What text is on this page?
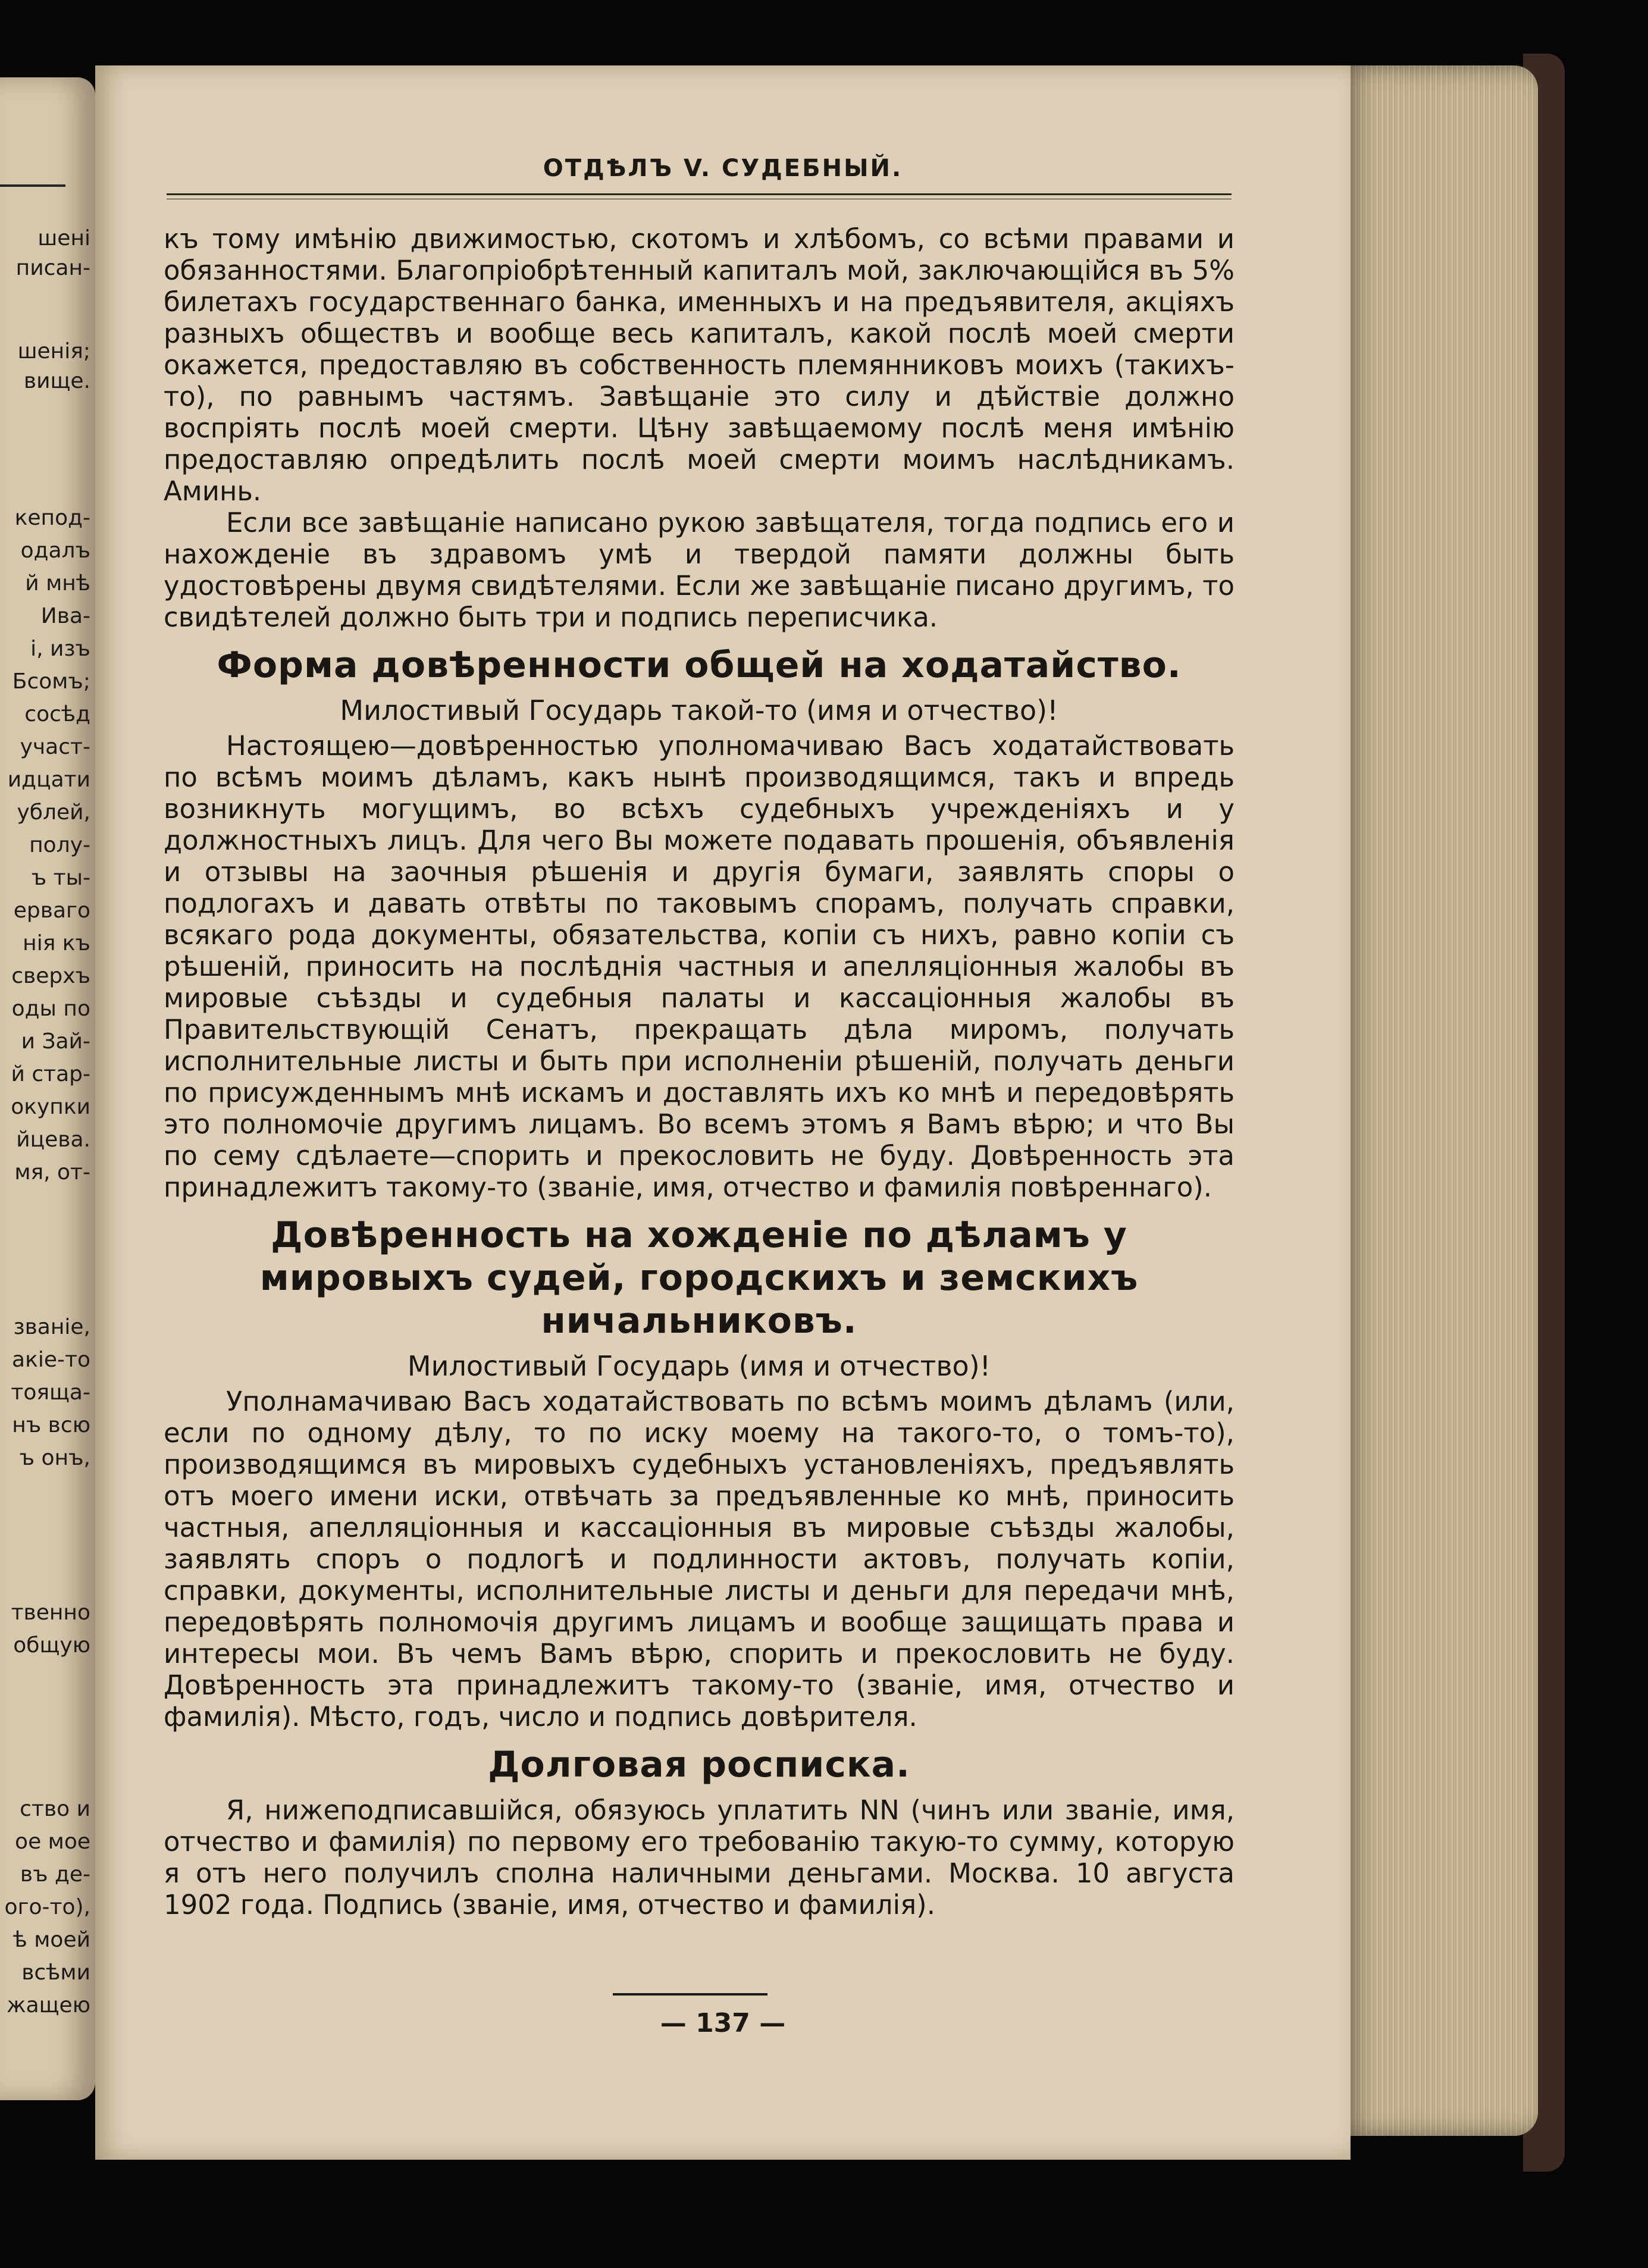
шені
писан-
шенія;
вище.
кепод-
одалъ
й мнѣ
Ива-
і, изъ
Бсомъ;
сосѣд
участ-
идцати
ублей,
полу-
ъ ты-
ерваго
нія къ
сверхъ
оды по
и Зай-
й стар-
окупки
йцева.
мя, от-
званіе,
акіе-то
тоящa-
нъ всю
ъ онъ,
твенно
общую
ство и
ое мое
въ де-
ого-то),
ѣ моей
всѣми
жащею
ОТДѢЛЪ V. СУДЕБНЫЙ.

къ тому имѣнію движимостью, скотомъ и хлѣбомъ, со всѣми правами и обязанностями. Благопріобрѣтенный капиталъ мой, заключающійся въ 5% билетахъ государственнаго банка, именныхъ и на предъявителя, акціяхъ разныхъ обществъ и вообще весь капиталъ, какой послѣ моей смерти окажется, предоставляю въ собственность племянниковъ моихъ (такихъ-то), по равнымъ частямъ. Завѣщаніе это силу и дѣйствіе должно воспріять послѣ моей смерти. Цѣну завѣщаемому послѣ меня имѣнію предоставляю опредѣлить послѣ моей смерти моимъ наслѣдникамъ. Аминь.

Если все завѣщаніе написано рукою завѣщателя, тогда подпись его и нахожденіе въ здравомъ умѣ и твердой памяти должны быть удостовѣрены двумя свидѣтелями. Если же завѣщаніе писано другимъ, то свидѣтелей должно быть три и подпись переписчика.

Форма довѣренности общей на ходатайство.
Милостивый Государь такой-то (имя и отчество)!

Настоящею—довѣренностью уполномачиваю Васъ ходатайствовать по всѣмъ моимъ дѣламъ, какъ нынѣ производящимся, такъ и впредь возникнуть могущимъ, во всѣхъ судебныхъ учрежденіяхъ и у должностныхъ лицъ. Для чего Вы можете подавать прошенія, объявленія и отзывы на заочныя рѣшенія и другія бумаги, заявлять споры о подлогахъ и давать отвѣты по таковымъ спорамъ, получать справки, всякаго рода документы, обязательства, копіи съ нихъ, равно копіи съ рѣшеній, приносить на послѣднія частныя и апелляціонныя жалобы въ мировые съѣзды и судебныя палаты и кассаціонныя жалобы въ Правительствующій Сенатъ, прекращать дѣла миромъ, получать исполнительные листы и быть при исполненіи рѣшеній, получать деньги по присужденнымъ мнѣ искамъ и доставлять ихъ ко мнѣ и передовѣрять это полномочіе другимъ лицамъ. Во всемъ этомъ я Вамъ вѣрю; и что Вы по сему сдѣлаете—спорить и прекословить не буду. Довѣренность эта принадлежитъ такому-то (званіе, имя, отчество и фамилія повѣреннаго).

Довѣренность на хожденіе по дѣламъ у мировыхъ судей, городскихъ и земскихъ ничальниковъ.
Милостивый Государь (имя и отчество)!

Уполнамачиваю Васъ ходатайствовать по всѣмъ моимъ дѣламъ (или, если по одному дѣлу, то по иску моему на такого-то, о томъ-то), производящимся въ мировыхъ судебныхъ установленіяхъ, предъявлять отъ моего имени иски, отвѣчать за предъявленные ко мнѣ, приносить частныя, апелляціонныя и кассаціонныя въ мировые съѣзды жалобы, заявлять споръ о подлогѣ и подлинности актовъ, получать копіи, справки, документы, исполнительные листы и деньги для передачи мнѣ, передовѣрять полномочія другимъ лицамъ и вообще защищать права и интересы мои. Въ чемъ Вамъ вѣрю, спорить и прекословить не буду. Довѣренность эта принадлежитъ такому-то (званіе, имя, отчество и фамилія). Мѣсто, годъ, число и подпись довѣрителя.

Долговая росписка.

Я, нижеподписавшійся, обязуюсь уплатить NN (чинъ или званіе, имя, отчество и фамилія) по первому его требованію такую-то сумму, которую я отъ него получилъ сполна наличными деньгами. Москва. 10 августа 1902 года. Подпись (званіе, имя, отчество и фамилія).

— 137 —
